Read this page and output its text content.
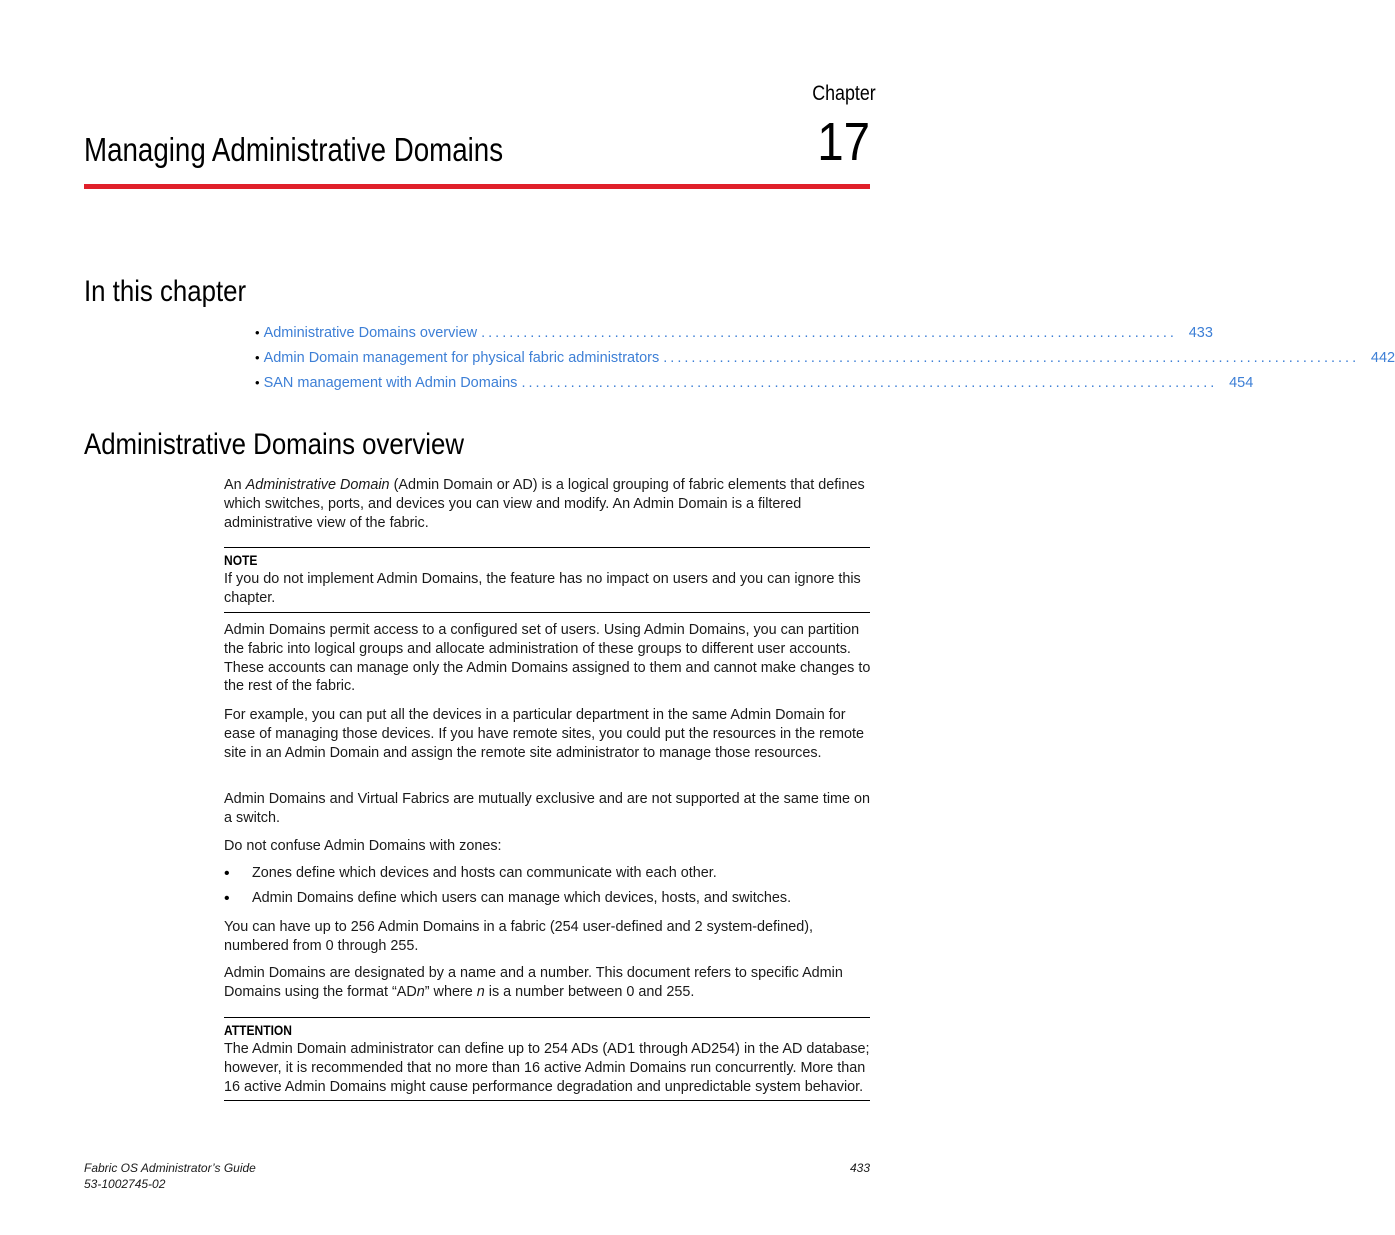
Chapter
17
Managing Administrative Domains
In this chapter
• Administrative Domains overview ................................................................................................... 433
• Admin Domain management for physical fabric administrators ................................................................................................... 442
• SAN management with Admin Domains ................................................................................................... 454
Administrative Domains overview

An Administrative Domain (Admin Domain or AD) is a logical grouping of fabric elements that defines which switches, ports, and devices you can view and modify. An Admin Domain is a filtered administrative view of the fabric.

NOTE

If you do not implement Admin Domains, the feature has no impact on users and you can ignore this chapter.

Admin Domains permit access to a configured set of users. Using Admin Domains, you can partition the fabric into logical groups and allocate administration of these groups to different user accounts. These accounts can manage only the Admin Domains assigned to them and cannot make changes to the rest of the fabric.

For example, you can put all the devices in a particular department in the same Admin Domain for ease of managing those devices. If you have remote sites, you could put the resources in the remote site in an Admin Domain and assign the remote site administrator to manage those resources.

Admin Domains and Virtual Fabrics are mutually exclusive and are not supported at the same time on a switch.

Do not confuse Admin Domains with zones:

• Zones define which devices and hosts can communicate with each other.
• Admin Domains define which users can manage which devices, hosts, and switches.

You can have up to 256 Admin Domains in a fabric (254 user-defined and 2 system-defined), numbered from 0 through 255.

Admin Domains are designated by a name and a number. This document refers to specific Admin Domains using the format “ADn” where n is a number between 0 and 255.

ATTENTION

The Admin Domain administrator can define up to 254 ADs (AD1 through AD254) in the AD database; however, it is recommended that no more than 16 active Admin Domains run concurrently. More than 16 active Admin Domains might cause performance degradation and unpredictable system behavior.

Fabric OS Administrator’s Guide
53-1002745-02
433
